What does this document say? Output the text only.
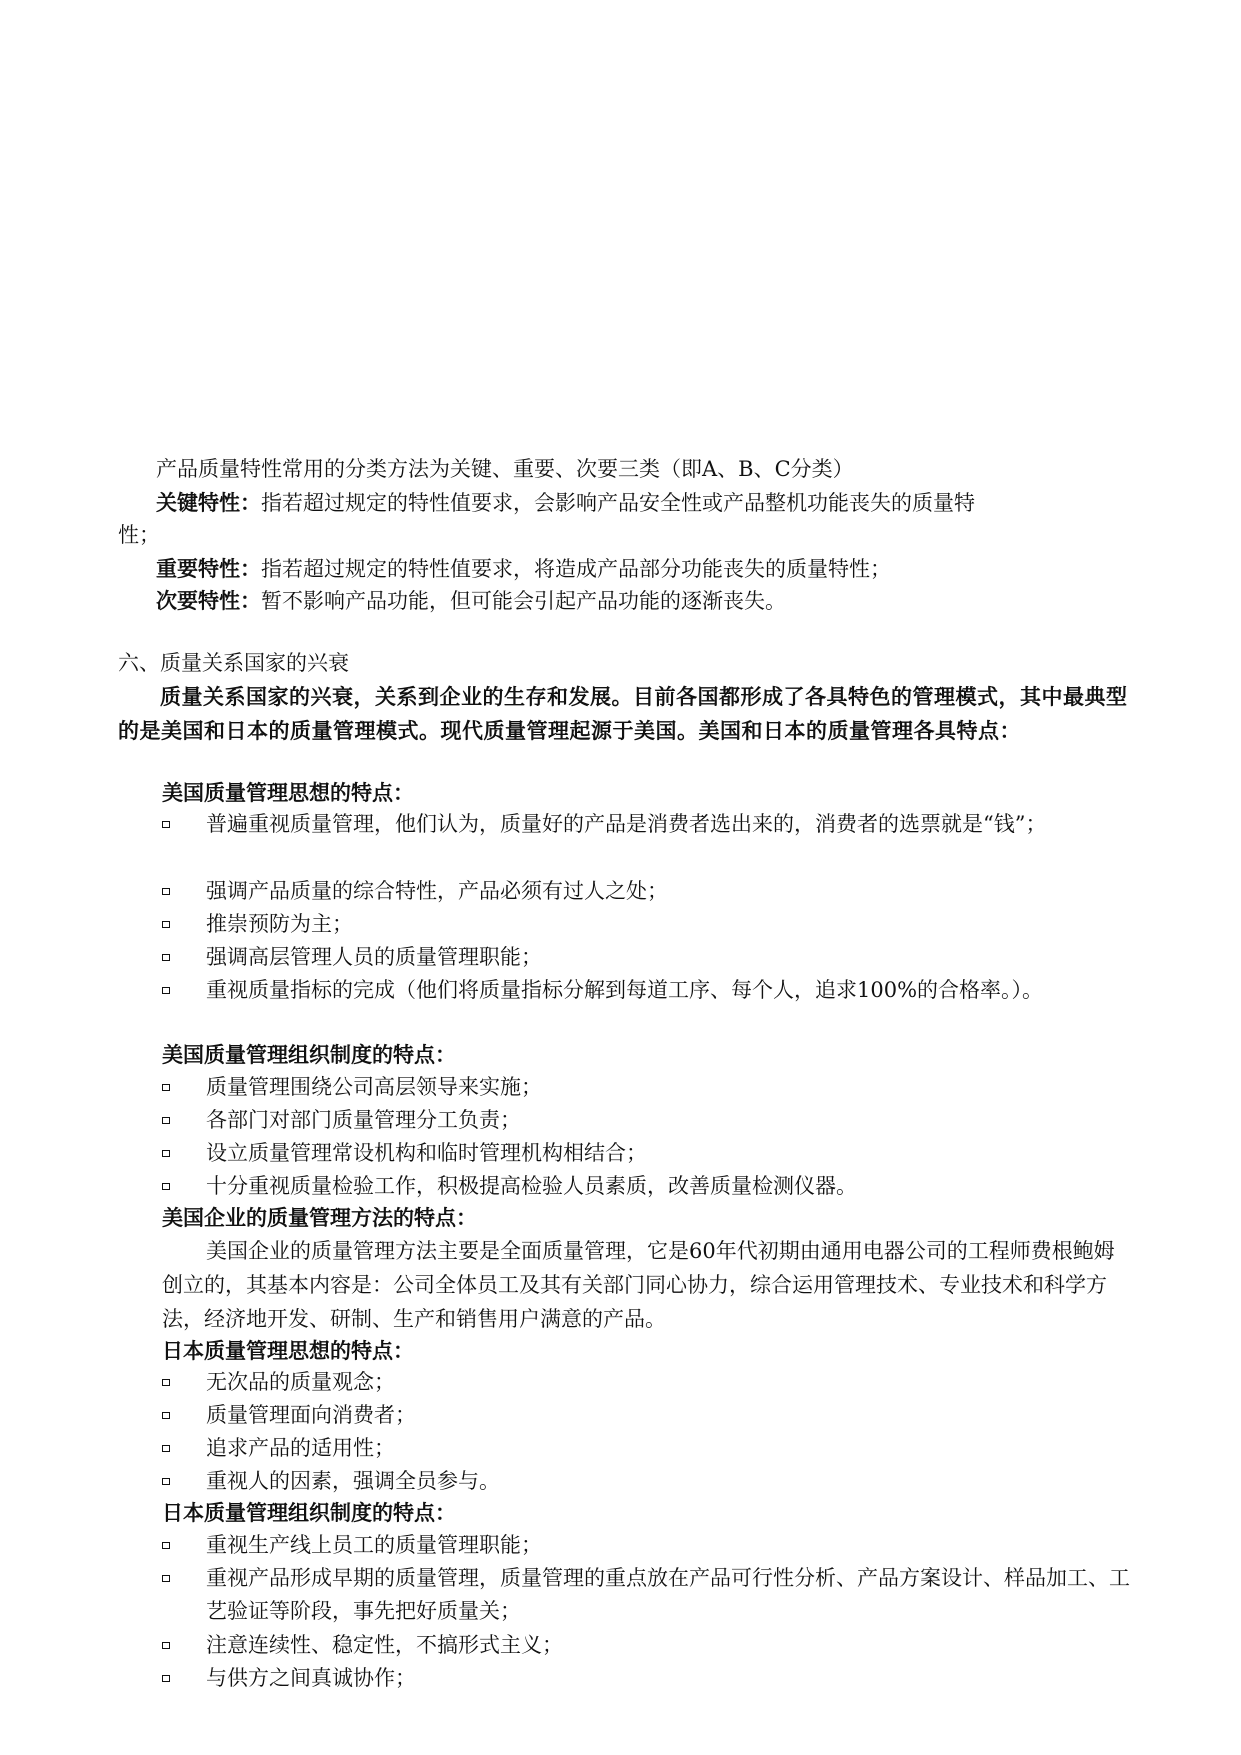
产品质量特性常用的分类方法为关键、重要、次要三类（即A、B、C分类）
关键特性：指若超过规定的特性值要求，会影响产品安全性或产品整机功能丧失的质量特
性；
重要特性：指若超过规定的特性值要求，将造成产品部分功能丧失的质量特性；
次要特性：暂不影响产品功能，但可能会引起产品功能的逐渐丧失。
六、质量关系国家的兴衰
质量关系国家的兴衰，关系到企业的生存和发展。目前各国都形成了各具特色的管理模式，其中最典型的是美国和日本的质量管理模式。现代质量管理起源于美国。美国和日本的质量管理各具特点：
美国质量管理思想的特点：
普遍重视质量管理，他们认为，质量好的产品是消费者选出来的，消费者的选票就是“钱”；
强调产品质量的综合特性，产品必须有过人之处；
推崇预防为主；
强调高层管理人员的质量管理职能；
重视质量指标的完成（他们将质量指标分解到每道工序、每个人，追求100%的合格率。）。
美国质量管理组织制度的特点：
质量管理围绕公司高层领导来实施；
各部门对部门质量管理分工负责；
设立质量管理常设机构和临时管理机构相结合；
十分重视质量检验工作，积极提高检验人员素质，改善质量检测仪器。
美国企业的质量管理方法的特点：
美国企业的质量管理方法主要是全面质量管理，它是60年代初期由通用电器公司的工程师费根鲍姆创立的，其基本内容是：公司全体员工及其有关部门同心协力，综合运用管理技术、专业技术和科学方法，经济地开发、研制、生产和销售用户满意的产品。
日本质量管理思想的特点：
无次品的质量观念；
质量管理面向消费者；
追求产品的适用性；
重视人的因素，强调全员参与。
日本质量管理组织制度的特点：
重视生产线上员工的质量管理职能；
重视产品形成早期的质量管理，质量管理的重点放在产品可行性分析、产品方案设计、样品加工、工艺验证等阶段，事先把好质量关；
注意连续性、稳定性，不搞形式主义；
与供方之间真诚协作；
